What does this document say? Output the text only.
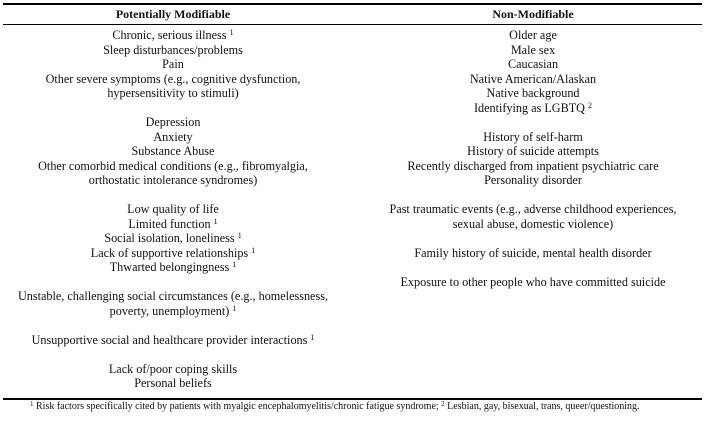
Potentially Modifiable	Non-Modifiable
Chronic, serious illness $^1$
Sleep disturbances/problems
Pain
Other severe symptoms (e.g., cognitive dysfunction,
hypersensitivity to stimuli)
Depression
Anxiety
Substance Abuse
Other comorbid medical conditions (e.g., fibromyalgia,
orthostatic intolerance syndromes)
Low quality of life
Limited function $^1$
Social isolation, loneliness $^1$
Lack of supportive relationships $^1$
Thwarted belongingness $^1$
Unstable, challenging social circumstances (e.g., homelessness,
poverty, unemployment) $^1$
Unsupportive social and healthcare provider interactions $^1$
Lack of/poor coping skills
Personal beliefs
Older age
Male sex
Caucasian
Native American/Alaskan
Native background
Identifying as LGBTQ $^2$
History of self-harm
History of suicide attempts
Recently discharged from inpatient psychiatric care
Personality disorder
Past traumatic events (e.g., adverse childhood experiences,
sexual abuse, domestic violence)
Family history of suicide, mental health disorder
Exposure to other people who have committed suicide
$^1$ Risk factors specifically cited by patients with myalgic encephalomyelitis/chronic fatigue syndrome; $^2$ Lesbian, gay, bisexual, trans, queer/questioning.
